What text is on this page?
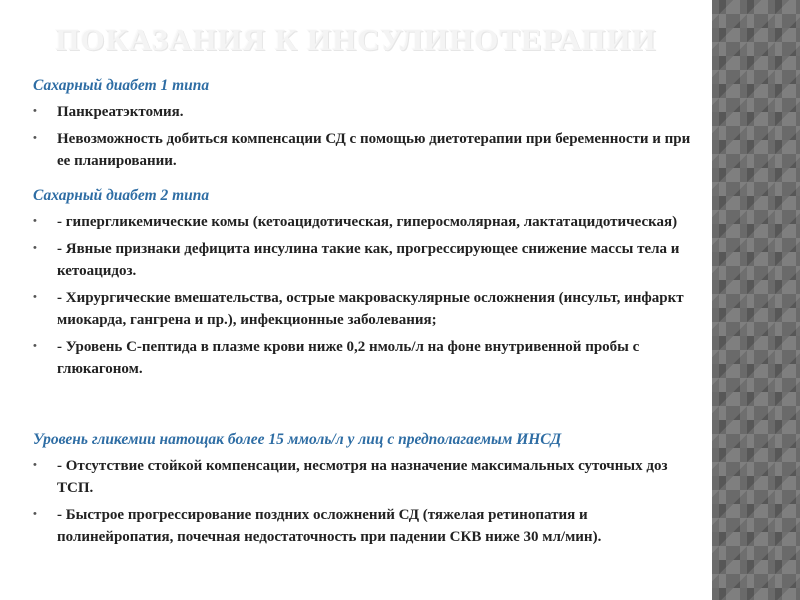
ПОКАЗАНИЯ К ИНСУЛИНОТЕРАПИИ
Сахарный диабет 1 типа
• Панкреатэктомия.
• Невозможность добиться компенсации СД с помощью диетотерапии при беременности и при ее планировании.
Сахарный диабет 2 типа
• - гипергликемические комы (кетоацидотическая, гиперосмолярная, лактатацидотическая)
• - Явные признаки дефицита инсулина такие как, прогрессирующее снижение массы тела и кетоацидоз.
• - Хирургические вмешательства, острые макроваскулярные осложнения (инсульт, инфаркт миокарда, гангрена и пр.), инфекционные заболевания;
• - Уровень С-пептида в плазме крови ниже 0,2 нмоль/л на фоне внутривенной пробы с глюкагоном.
Уровень гликемии натощак более 15 ммоль/л у лиц с предполагаемым ИНСД
• - Отсутствие стойкой компенсации, несмотря на назначение максимальных суточных доз ТСП.
• - Быстрое прогрессирование поздних осложнений СД (тяжелая ретинопатия и полинейропатия, почечная недостаточность при падении СКВ ниже 30 мл/мин).
